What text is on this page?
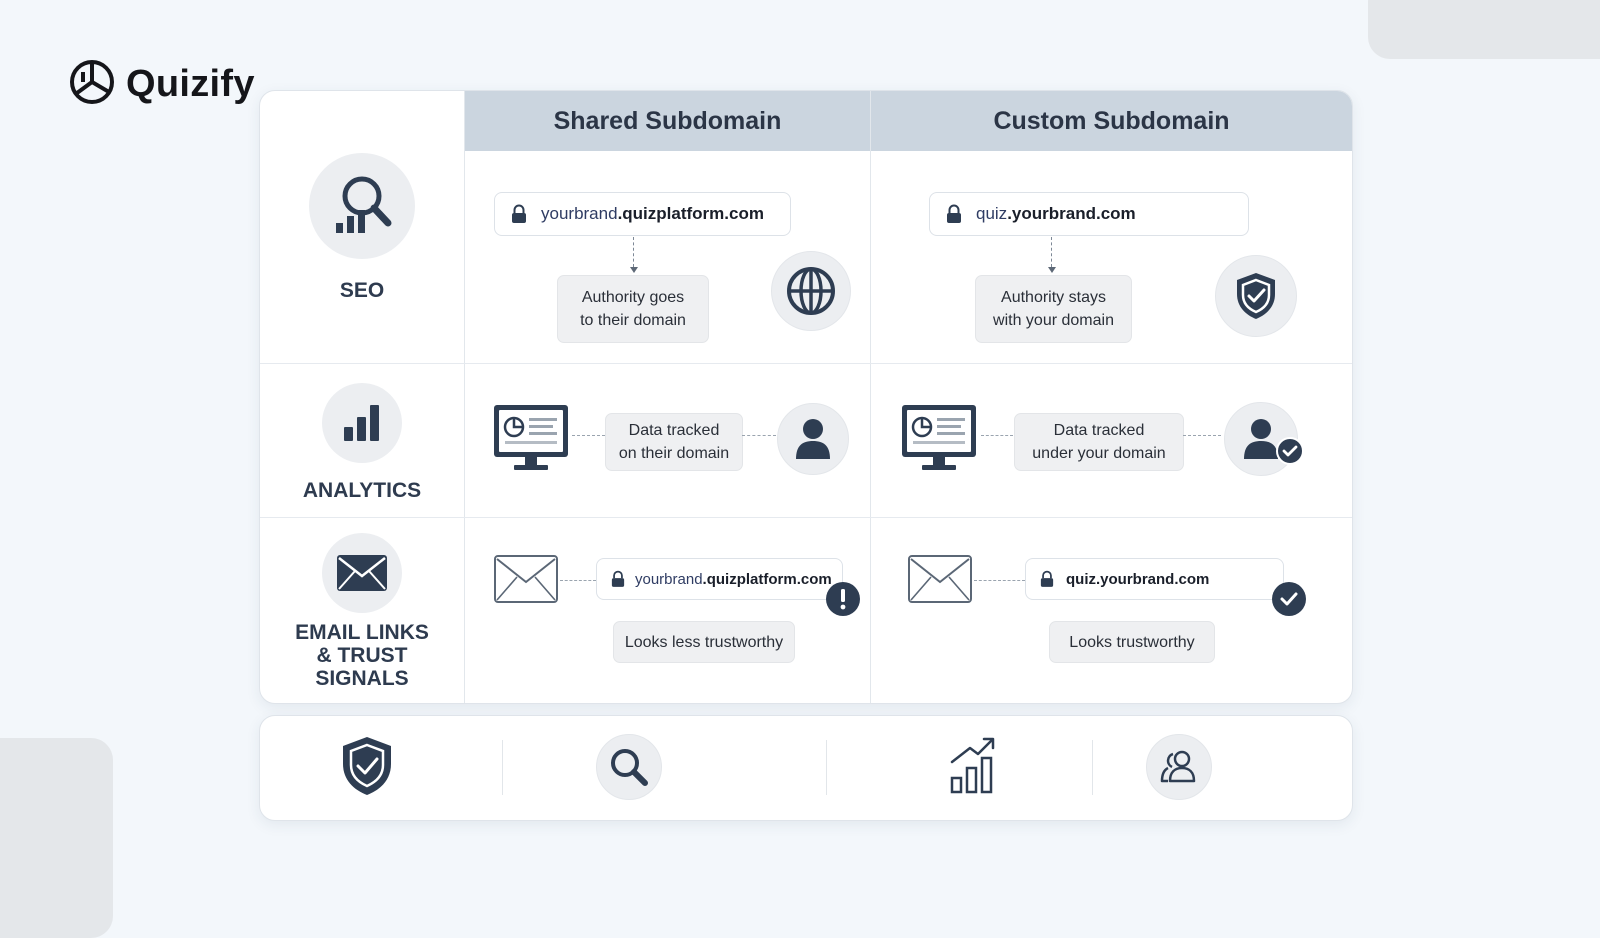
Quizify
Shared Subdomain	Custom Subdomain
SEO
ANALYTICS
EMAIL LINKS
& TRUST
SIGNALS
yourbrand .quizplatform.com
Authority goes
to their domain
quiz .yourbrand.com
Authority stays
with your domain
Data tracked
on their domain
Data tracked
under your domain
yourbrand .quizplatform.com
Looks less trustworthy
quiz .yourbrand.com
Looks trustworthy
